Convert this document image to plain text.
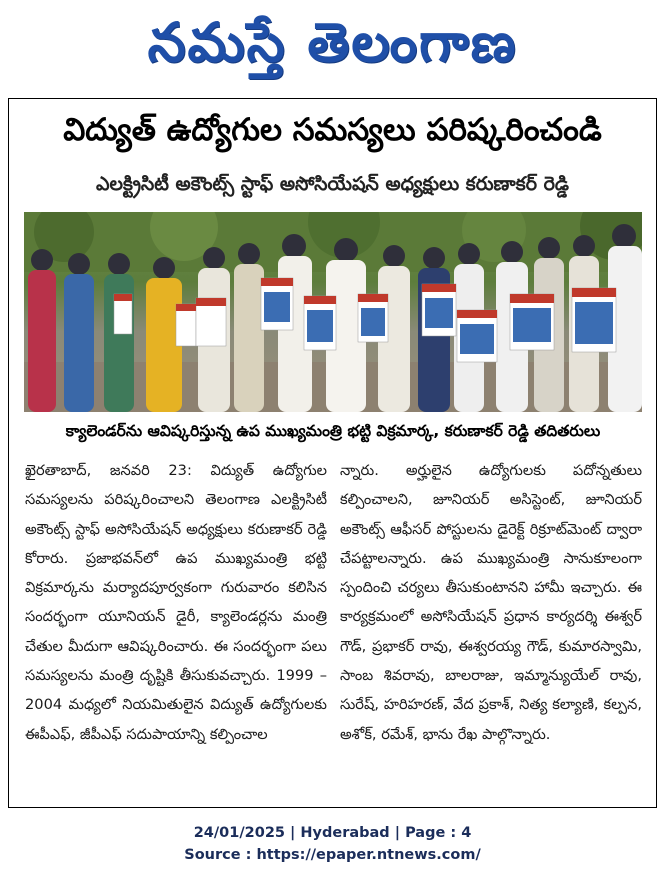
నమస్తే తెలంగాణ
విద్యుత్ ఉద్యోగుల సమస్యలు పరిష్కరించండి
ఎలక్ట్రిసిటీ అకౌంట్స్ స్టాఫ్ అసోసియేషన్ అధ్యక్షులు కరుణాకర్ రెడ్డి
క్యాలెండర్‌ను ఆవిష్కరిస్తున్న ఉప ముఖ్యమంత్రి భట్టి విక్రమార్క, కరుణాకర్ రెడ్డి తదితరులు

ఖైరతాబాద్, జనవరి 23: విద్యుత్ ఉద్యోగుల సమస్యలను పరిష్కరించాలని తెలంగాణ ఎలక్ట్రిసిటీ అకౌంట్స్ స్టాఫ్ అసోసియేషన్ అధ్యక్షులు కరుణాకర్ రెడ్డి కోరారు. ప్రజాభవన్‌లో ఉప ముఖ్యమంత్రి భట్టి విక్రమార్కను మర్యాదపూర్వకంగా గురువారం కలిసిన సందర్భంగా యూనియన్ డైరీ, క్యాలెండర్లను మంత్రి చేతుల మీదుగా ఆవిష్కరించారు. ఈ సందర్భంగా పలు సమస్యలను మంత్రి దృష్టికి తీసుకువచ్చారు. 1999 – 2004 మధ్యలో నియమితులైన విద్యుత్ ఉద్యోగులకు ఈపీఎఫ్, జీపీఎఫ్ సదుపాయాన్ని కల్పించాల

న్నారు. అర్హులైన ఉద్యోగులకు పదోన్నతులు కల్పించాలని, జూనియర్ అసిస్టెంట్, జూనియర్ అకౌంట్స్ ఆఫీసర్ పోస్టులను డైరెక్ట్ రిక్రూట్‌మెంట్ ద్వారా చేపట్టాలన్నారు. ఉప ముఖ్యమంత్రి సానుకూలంగా స్పందించి చర్యలు తీసుకుంటానని హామీ ఇచ్చారు. ఈ కార్యక్రమంలో అసోసియేషన్ ప్రధాన కార్యదర్శి ఈశ్వర్ గౌడ్, ప్రభాకర్ రావు, ఈశ్వరయ్య గౌడ్, కుమారస్వామి, సాంబ శివరావు, బాలరాజు, ఇమ్మాన్యుయేల్ రావు, సురేష్, హరిహరణ్, వేద ప్రకాశ్, నిత్య కల్యాణి, కల్పన, అశోక్, రమేశ్, భాను రేఖ పాల్గొన్నారు.

24/01/2025 | Hyderabad | Page : 4
Source : https://epaper.ntnews.com/
